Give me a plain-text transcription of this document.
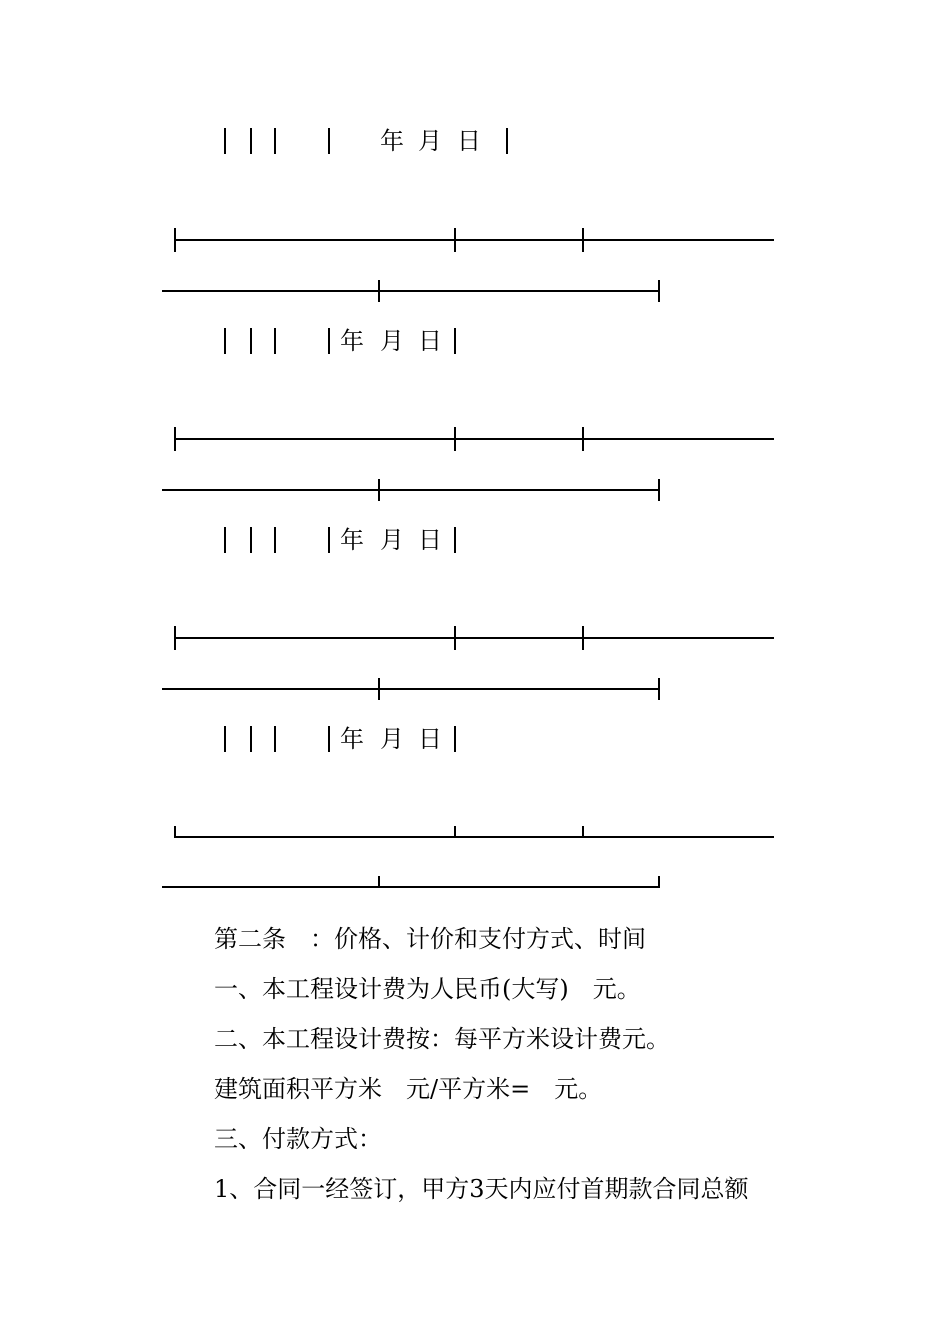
年 月 日
年 月 日
年 月 日
年 月 日
第二条　：价格、计价和支付方式、时间
一、本工程设计费为人民币(大写)　元。
二、本工程设计费按：每平方米设计费元。
建筑面积平方米　元/平方米=　元。
三、付款方式：
1、合同一经签订，甲方3天内应付首期款合同总额
